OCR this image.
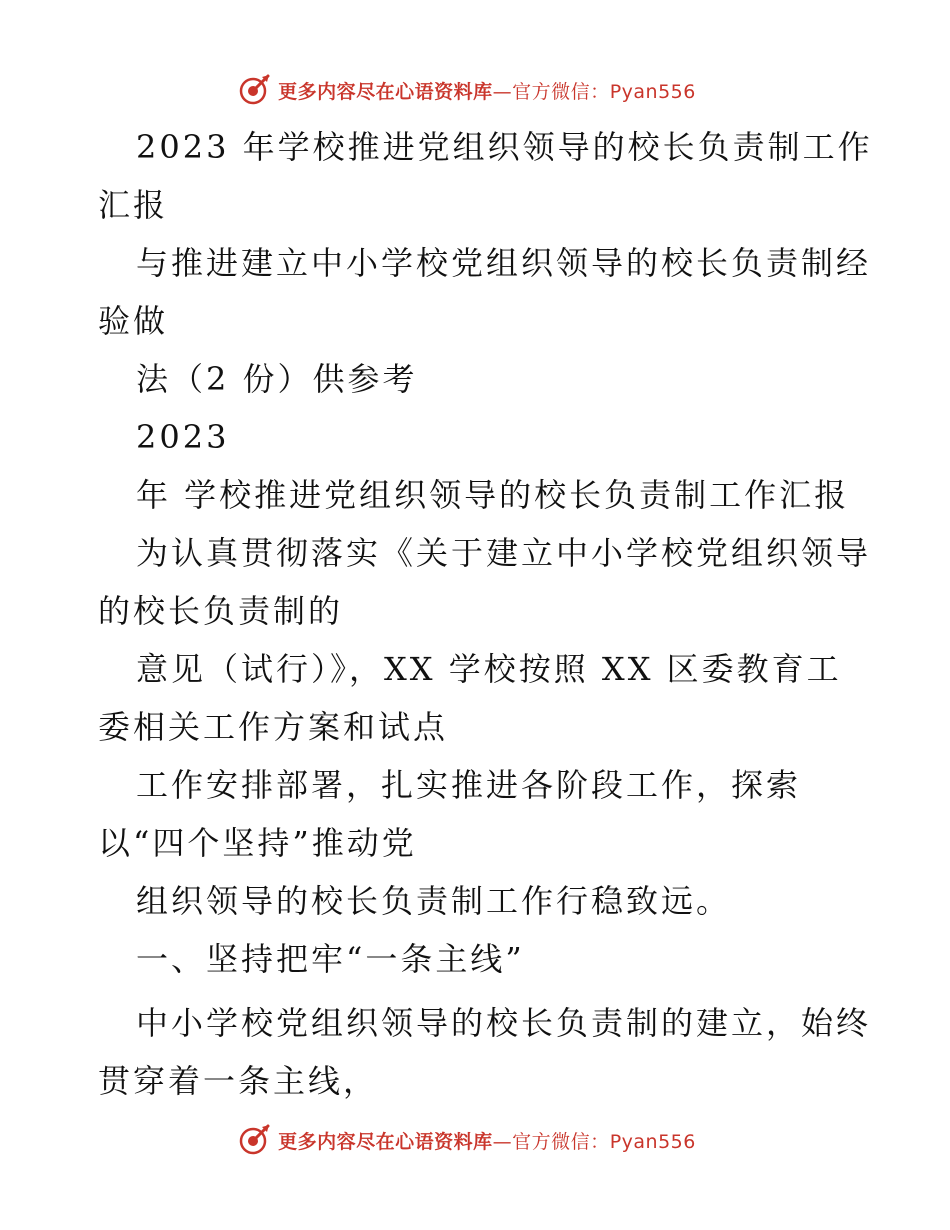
更多内容尽在心语资料库—官方微信：Pyan556
2023 年学校推进党组织领导的校长负责制工作
汇报
与推进建立中小学校党组织领导的校长负责制经
验做
法（2 份）供参考
2023
年 学校推进党组织领导的校长负责制工作汇报
为认真贯彻落实《关于建立中小学校党组织领导
的校长负责制的
意见（试行）》，XX 学校按照 XX 区委教育工
委相关工作方案和试点
工作安排部署，扎实推进各阶段工作，探索
以“四个坚持”推动党
组织领导的校长负责制工作行稳致远。
一、坚持把牢“一条主线”
中小学校党组织领导的校长负责制的建立，始终
贯穿着一条主线，
更多内容尽在心语资料库—官方微信：Pyan556
